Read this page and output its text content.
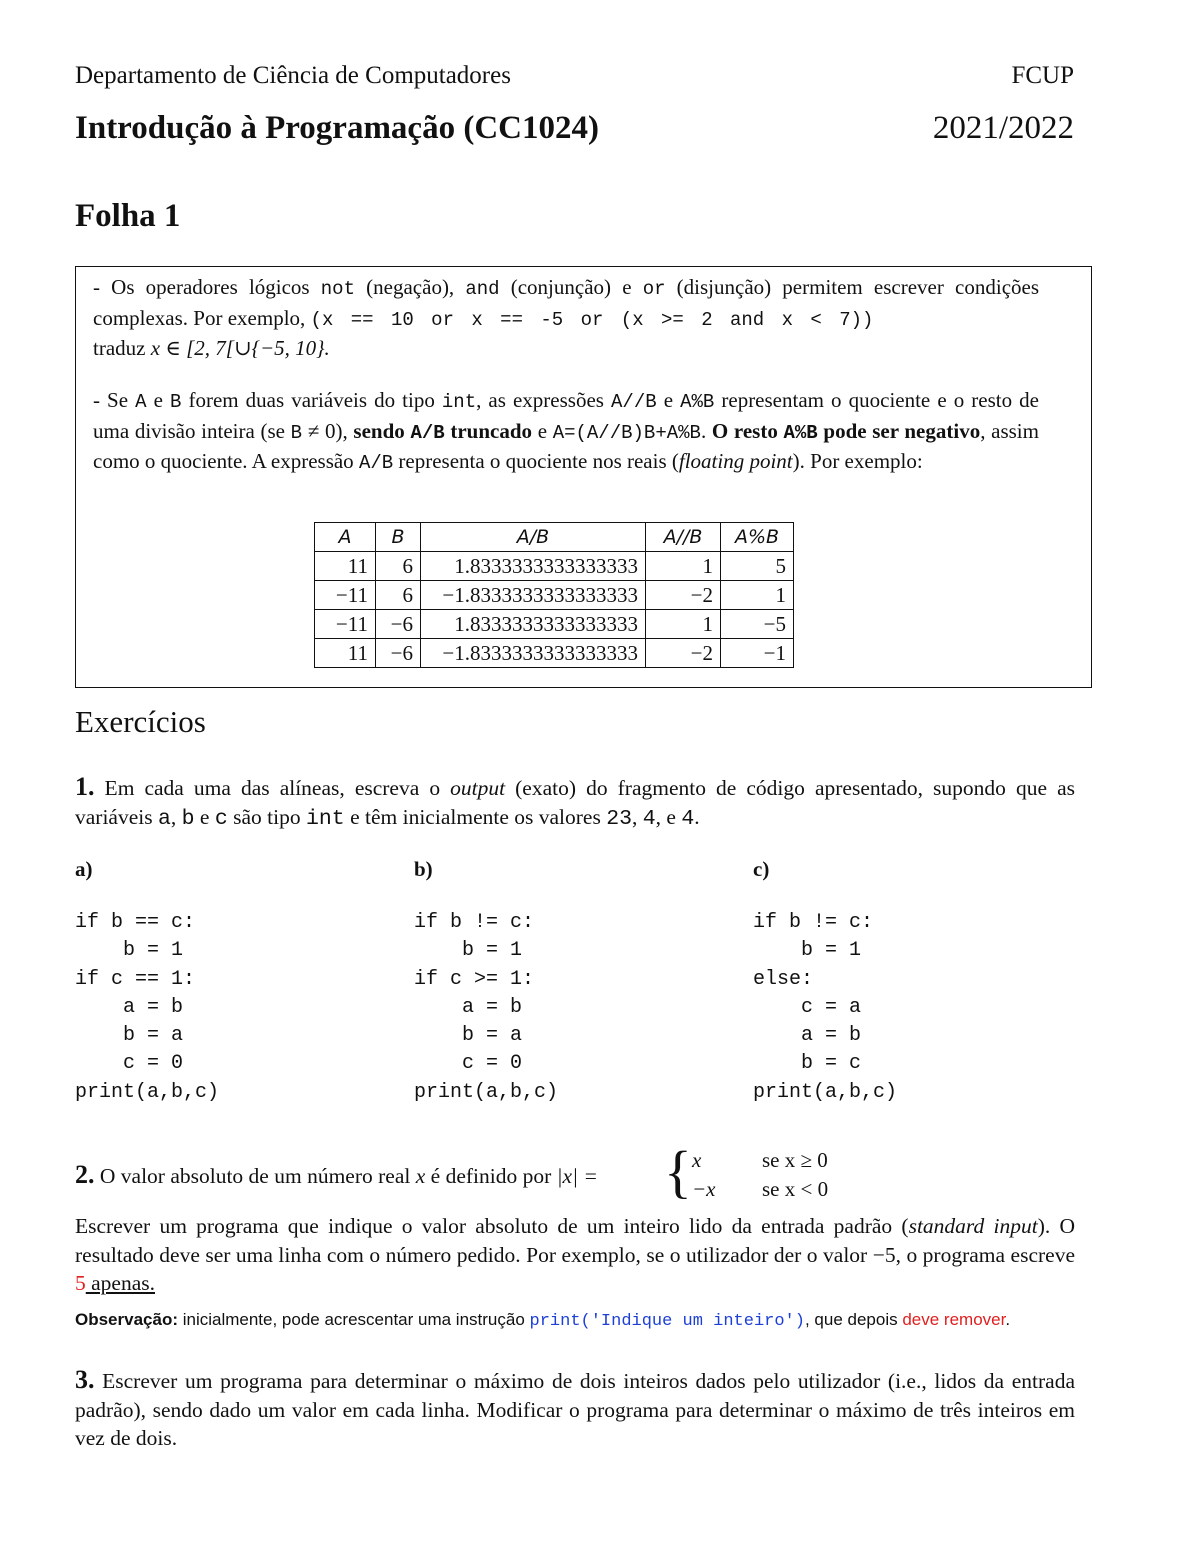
Departamento de Ciência de Computadores	FCUP
Introdução à Programação (CC1024)	2021/2022
Folha 1
- Os operadores lógicos not (negação), and (conjunção) e or (disjunção) permitem escrever condições complexas. Por exemplo, (x == 10 or x == -5 or (x >= 2 and x < 7))
traduz x ∈ [2, 7[∪{−5, 10}.
- Se A e B forem duas variáveis do tipo int, as expressões A//B e A%B representam o quociente e o resto de uma divisão inteira (se B ≠ 0), sendo A/B truncado e A=(A//B)B+A%B. O resto A%B pode ser negativo, assim como o quociente. A expressão A/B representa o quociente nos reais (floating point). Por exemplo:
A	B	A/B	A//B	A%B
11	6	1.8333333333333333	1	5
−11	6	−1.8333333333333333	−2	1
−11	−6	1.8333333333333333	1	−5
11	−6	−1.8333333333333333	−2	−1
Exercícios
1. Em cada uma das alíneas, escreva o output (exato) do fragmento de código apresentado, supondo que as variáveis a, b e c são tipo int e têm inicialmente os valores 23, 4, e 4.
a)	b)	c)
if b == c:
b = 1
if c == 1:
a = b
b = a
c = 0
print(a,b,c)
if b != c:
b = 1
if c >= 1:
a = b
b = a
c = 0
print(a,b,c)
if b != c:
b = 1
else:
c = a
a = b
b = c
print(a,b,c)
2. O valor absoluto de um número real x é definido por |x| = { x	se x ≥ 0
−x se x < 0
Escrever um programa que indique o valor absoluto de um inteiro lido da entrada padrão (standard input). O resultado deve ser uma linha com o número pedido. Por exemplo, se o utilizador der o valor −5, o programa escreve 5 apenas.
Observação: inicialmente, pode acrescentar uma instrução print('Indique um inteiro'), que depois deve remover.
3. Escrever um programa para determinar o máximo de dois inteiros dados pelo utilizador (i.e., lidos da entrada padrão), sendo dado um valor em cada linha. Modificar o programa para determinar o máximo de três inteiros em vez de dois.
